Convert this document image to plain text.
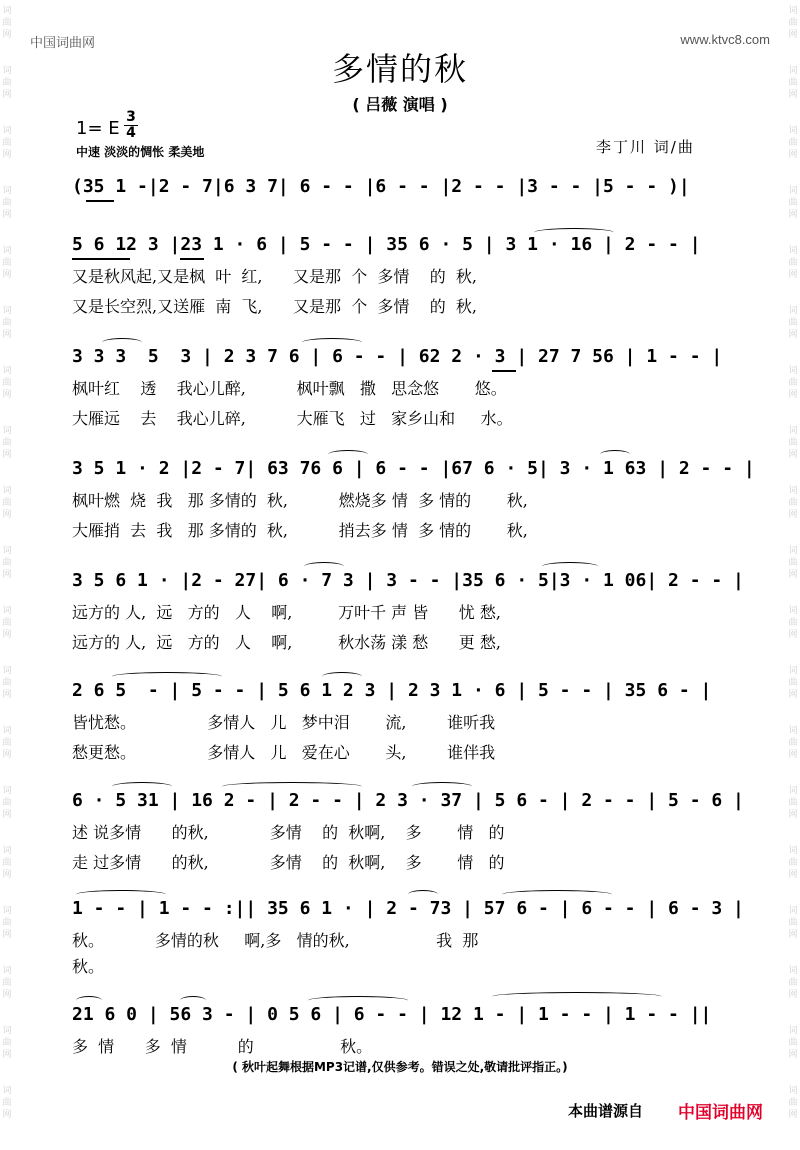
词
曲
网
词
曲
网
词
曲
网
词
曲
网
词
曲
网
词
曲
网
词
曲
网
词
曲
网
词
曲
网
词
曲
网
词
曲
网
词
曲
网
词
曲
网
词
曲
网
词
曲
网
词
曲
网
词
曲
网
词
曲
网
词
曲
网
词
曲
网
词
曲
网
词
曲
网
词
曲
网
词
曲
网
词
曲
网
词
曲
网
词
曲
网
词
曲
网
词
曲
网
词
曲
网
词
曲
网
词
曲
网
词
曲
网
词
曲
网
词
曲
网
词
曲
网
词
曲
网
词
曲
网
中国词曲网	www.ktvc8.com
多情的秋
( 吕薇 演唱 )
1= E $\frac{3}{4}$
中速 淡淡的惆怅 柔美地	李丁川 词/曲
(35 1 -|2 - 7|6 3 7| 6 - - |6 - - |2 - - |3 - - |5 - - )|
5 6 12 3 |23 1 · 6 | 5 - - | 35 6 · 5 | 3 1 · 16 | 2 - - |
又是秋风起,又是枫  叶  红,      又是那  个  多情    的  秋,
又是长空烈,又送雁  南  飞,      又是那  个  多情    的  秋,
3 3 3  5  3 | 2 3 7 6 | 6 - - | 62 2 · 3 | 27 7 56 | 1 - - |
枫叶红    透    我心儿醉,          枫叶飘   撒   思念悠       悠。
大雁远    去    我心儿碎,          大雁飞   过   家乡山和     水。
3 5 1 · 2 |2 - 7| 63 76 6 | 6 - - |67 6 · 5| 3 · 1 63 | 2 - - |
枫叶燃  烧  我   那 多情的  秋,          燃烧多 情  多 情的       秋,
大雁捎  去  我   那 多情的  秋,          捎去多 情  多 情的       秋,
3 5 6 1 · |2 - 27| 6 · 7 3 | 3 - - |35 6 · 5|3 · 1 06| 2 - - |
远方的 人,  远   方的   人    啊,         万叶千 声 皆      忧 愁,
远方的 人,  远   方的   人    啊,         秋水荡 漾 愁      更 愁,
2 6 5  - | 5 - - | 5 6 1 2 3 | 2 3 1 · 6 | 5 - - | 35 6 - |
皆忧愁。              多情人   儿   梦中泪       流,        谁听我
愁更愁。              多情人   儿   爱在心       头,        谁伴我
6 · 5 31 | 16 2 - | 2 - - | 2 3 · 37 | 5 6 - | 2 - - | 5 - 6 |
述 说多情      的秋,            多情    的  秋啊,    多       情   的
走 过多情      的秋,            多情    的  秋啊,    多       情   的
1 - - | 1 - - :|| 35 6 1 · | 2 - 73 | 57 6 - | 6 - - | 6 - 3 |
秋。          多情的秋     啊,多   情的秋,                 我  那
秋。
21 6 0 | 56 3 - | 0 5 6 | 6 - - | 12 1 - | 1 - - | 1 - - ||
多  情      多  情          的                 秋。
( 秋叶起舞根据MP3记谱,仅供参考。错误之处,敬请批评指正。)
本曲谱源自 中国词曲网
